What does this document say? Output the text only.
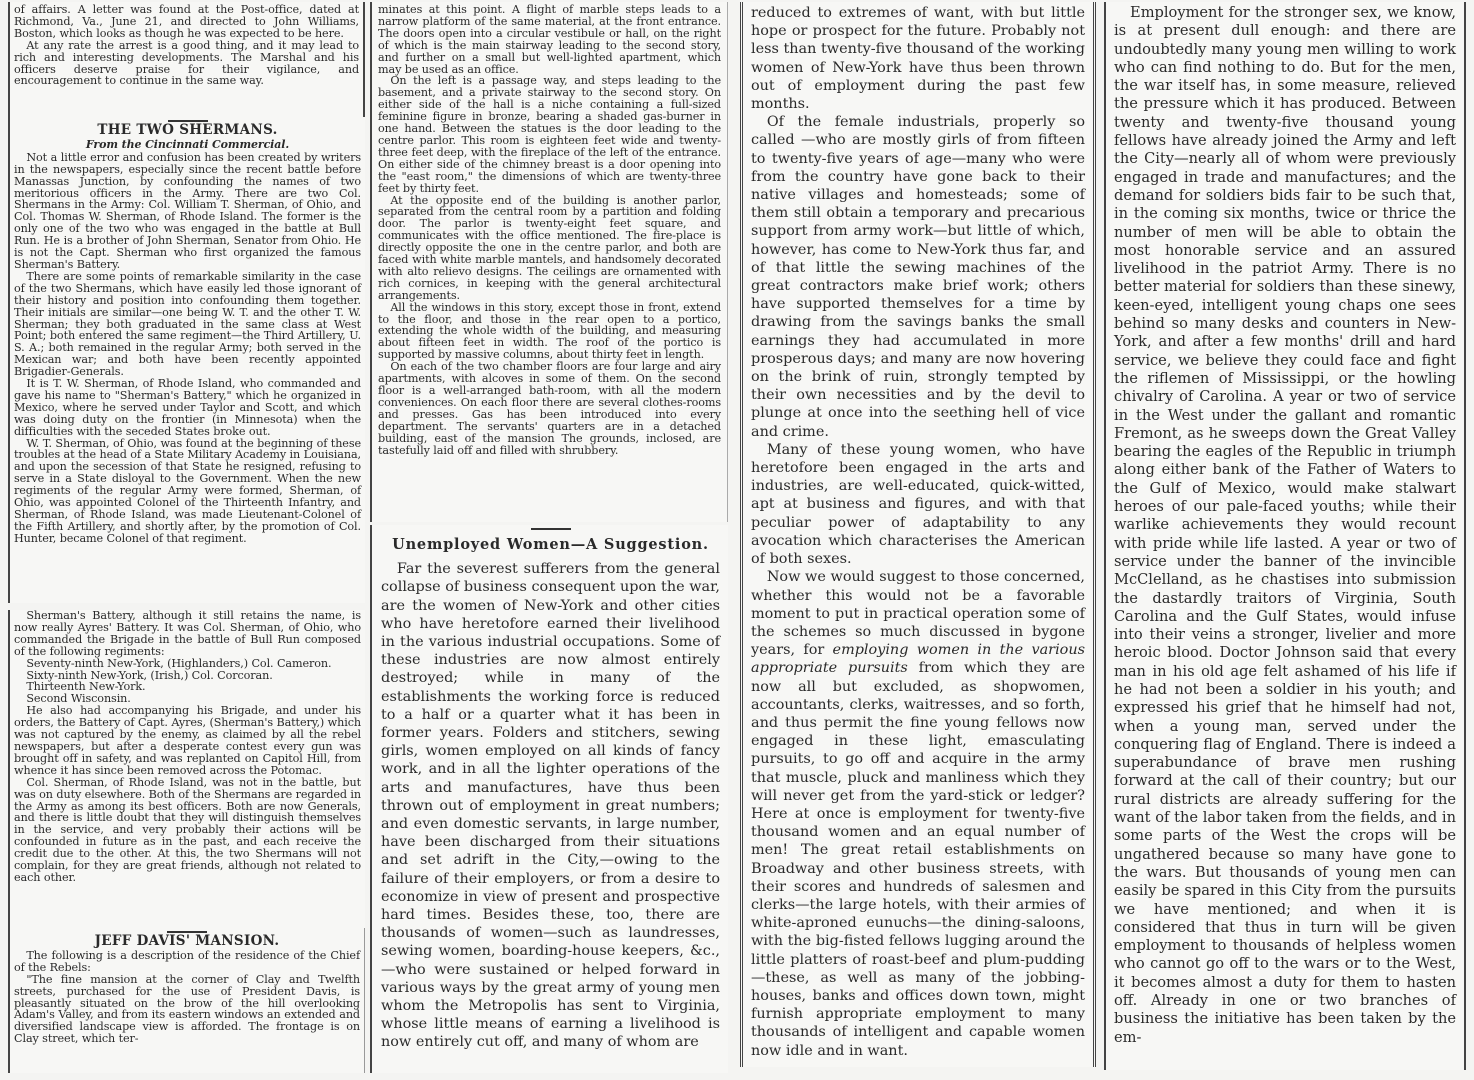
of affairs. A letter was found at the Post-office, dated at Richmond, Va., June 21, and directed to John Williams, Boston, which looks as though he was expected to be here.

At any rate the arrest is a good thing, and it may lead to rich and interesting developments. The Marshal and his officers deserve praise for their vigilance, and encouragement to continue in the same way.

THE TWO SHERMANS.
From the Cincinnati Commercial.

Not a little error and confusion has been created by writers in the newspapers, especially since the recent battle before Manassas Junction, by confounding the names of two meritorious officers in the Army. There are two Col. Shermans in the Army: Col. William T. Sherman, of Ohio, and Col. Thomas W. Sherman, of Rhode Island. The former is the only one of the two who was engaged in the battle at Bull Run. He is a brother of John Sherman, Senator from Ohio. He is not the Capt. Sherman who first organized the famous Sherman's Battery.

There are some points of remarkable similarity in the case of the two Shermans, which have easily led those ignorant of their history and position into confounding them together. Their initials are similar—one being W. T. and the other T. W. Sherman; they both graduated in the same class at West Point; both entered the same regiment—the Third Artillery, U. S. A.; both remained in the regular Army; both served in the Mexican war; and both have been recently appointed Brigadier-Generals.

It is T. W. Sherman, of Rhode Island, who commanded and gave his name to "Sherman's Battery," which he organized in Mexico, where he served under Taylor and Scott, and which was doing duty on the frontier (in Minnesota) when the difficulties with the seceded States broke out.

W. T. Sherman, of Ohio, was found at the beginning of these troubles at the head of a State Military Academy in Louisiana, and upon the secession of that State he resigned, refusing to serve in a State disloyal to the Government. When the new regiments of the regular Army were formed, Sherman, of Ohio, was appointed Colonel of the Thirteenth Infantry, and Sherman, of Rhode Island, was made Lieutenant-Colonel of the Fifth Artillery, and shortly after, by the promotion of Col. Hunter, became Colonel of that regiment.

Sherman's Battery, although it still retains the name, is now really Ayres' Battery. It was Col. Sherman, of Ohio, who commanded the Brigade in the battle of Bull Run composed of the following regiments:

Seventy-ninth New-York, (Highlanders,) Col. Cameron.

Sixty-ninth New-York, (Irish,) Col. Corcoran.

Thirteenth New-York.

Second Wisconsin.

He also had accompanying his Brigade, and under his orders, the Battery of Capt. Ayres, (Sherman's Battery,) which was not captured by the enemy, as claimed by all the rebel newspapers, but after a desperate contest every gun was brought off in safety, and was replanted on Capitol Hill, from whence it has since been removed across the Potomac.

Col. Sherman, of Rhode Island, was not in the battle, but was on duty elsewhere. Both of the Shermans are regarded in the Army as among its best officers. Both are now Generals, and there is little doubt that they will distinguish themselves in the service, and very probably their actions will be confounded in future as in the past, and each receive the credit due to the other. At this, the two Shermans will not complain, for they are great friends, although not related to each other.

JEFF DAVIS' MANSION.

The following is a description of the residence of the Chief of the Rebels:

"The fine mansion at the corner of Clay and Twelfth streets, purchased for the use of President Davis, is pleasantly situated on the brow of the hill overlooking Adam's Valley, and from its eastern windows an extended and diversified landscape view is afforded. The frontage is on Clay street, which ter-

minates at this point. A flight of marble steps leads to a narrow platform of the same material, at the front entrance. The doors open into a circular vestibule or hall, on the right of which is the main stairway leading to the second story, and further on a small but well-lighted apartment, which may be used as an office.

On the left is a passage way, and steps leading to the basement, and a private stairway to the second story. On either side of the hall is a niche containing a full-sized feminine figure in bronze, bearing a shaded gas-burner in one hand. Between the statues is the door leading to the centre parlor. This room is eighteen feet wide and twenty-three feet deep, with the fireplace of the left of the entrance. On either side of the chimney breast is a door opening into the "east room," the dimensions of which are twenty-three feet by thirty feet.

At the opposite end of the building is another parlor, separated from the central room by a partition and folding door. The parlor is twenty-eight feet square, and communicates with the office mentioned. The fire-place is directly opposite the one in the centre parlor, and both are faced with white marble mantels, and handsomely decorated with alto relievo designs. The ceilings are ornamented with rich cornices, in keeping with the general architectural arrangements.

All the windows in this story, except those in front, extend to the floor, and those in the rear open to a portico, extending the whole width of the building, and measuring about fifteen feet in width. The roof of the portico is supported by massive columns, about thirty feet in length.

On each of the two chamber floors are four large and airy apartments, with alcoves in some of them. On the second floor is a well-arranged bath-room, with all the modern conveniences. On each floor there are several clothes-rooms and presses. Gas has been introduced into every department. The servants' quarters are in a detached building, east of the mansion The grounds, inclosed, are tastefully laid off and filled with shrubbery.

Unemployed Women—A Suggestion.

Far the severest sufferers from the general collapse of business consequent upon the war, are the women of New-York and other cities who have heretofore earned their livelihood in the various industrial occupations. Some of these industries are now almost entirely destroyed; while in many of the establishments the working force is reduced to a half or a quarter what it has been in former years. Folders and stitchers, sewing girls, women employed on all kinds of fancy work, and in all the lighter operations of the arts and manufactures, have thus been thrown out of employment in great numbers; and even domestic servants, in large number, have been discharged from their situations and set adrift in the City,—owing to the failure of their employers, or from a desire to economize in view of present and prospective hard times. Besides these, too, there are thousands of women—such as laundresses, sewing women, boarding-house keepers, &c.,—who were sustained or helped forward in various ways by the great army of young men whom the Metropolis has sent to Virginia, whose little means of earning a livelihood is now entirely cut off, and many of whom are

reduced to extremes of want, with but little hope or prospect for the future. Probably not less than twenty-five thousand of the working women of New-York have thus been thrown out of employment during the past few months.

Of the female industrials, properly so called —who are mostly girls of from fifteen to twenty-five years of age—many who were from the country have gone back to their native villages and homesteads; some of them still obtain a temporary and precarious support from army work—but little of which, however, has come to New-York thus far, and of that little the sewing machines of the great contractors make brief work; others have supported themselves for a time by drawing from the savings banks the small earnings they had accumulated in more prosperous days; and many are now hovering on the brink of ruin, strongly tempted by their own necessities and by the devil to plunge at once into the seething hell of vice and crime.

Many of these young women, who have heretofore been engaged in the arts and industries, are well-educated, quick-witted, apt at business and figures, and with that peculiar power of adaptability to any avocation which characterises the American of both sexes.

Now we would suggest to those concerned, whether this would not be a favorable moment to put in practical operation some of the schemes so much discussed in bygone years, for employing women in the various appropriate pursuits from which they are now all but excluded, as shopwomen, accountants, clerks, waitresses, and so forth, and thus permit the fine young fellows now engaged in these light, emasculating pursuits, to go off and acquire in the army that muscle, pluck and manliness which they will never get from the yard-stick or ledger? Here at once is employment for twenty-five thousand women and an equal number of men! The great retail establishments on Broadway and other business streets, with their scores and hundreds of salesmen and clerks—the large hotels, with their armies of white-aproned eunuchs—the dining-saloons, with the big-fisted fellows lugging around the little platters of roast-beef and plum-pudding—these, as well as many of the jobbing-houses, banks and offices down town, might furnish appropriate employment to many thousands of intelligent and capable women now idle and in want.

Employment for the stronger sex, we know, is at present dull enough: and there are undoubtedly many young men willing to work who can find nothing to do. But for the men, the war itself has, in some measure, relieved the pressure which it has produced. Between twenty and twenty-five thousand young fellows have already joined the Army and left the City—nearly all of whom were previously engaged in trade and manufactures; and the demand for soldiers bids fair to be such that, in the coming six months, twice or thrice the number of men will be able to obtain the most honorable service and an assured livelihood in the patriot Army. There is no better material for soldiers than these sinewy, keen-eyed, intelligent young chaps one sees behind so many desks and counters in New-York, and after a few months' drill and hard service, we believe they could face and fight the riflemen of Mississippi, or the howling chivalry of Carolina. A year or two of service in the West under the gallant and romantic Fremont, as he sweeps down the Great Valley bearing the eagles of the Republic in triumph along either bank of the Father of Waters to the Gulf of Mexico, would make stalwart heroes of our pale-faced youths; while their warlike achievements they would recount with pride while life lasted. A year or two of service under the banner of the invincible McClelland, as he chastises into submission the dastardly traitors of Virginia, South Carolina and the Gulf States, would infuse into their veins a stronger, livelier and more heroic blood. Doctor Johnson said that every man in his old age felt ashamed of his life if he had not been a soldier in his youth; and expressed his grief that he himself had not, when a young man, served under the conquering flag of England. There is indeed a superabundance of brave men rushing forward at the call of their country; but our rural districts are already suffering for the want of the labor taken from the fields, and in some parts of the West the crops will be ungathered because so many have gone to the wars. But thousands of young men can easily be spared in this City from the pursuits we have mentioned; and when it is considered that thus in turn will be given employment to thousands of helpless women who cannot go off to the wars or to the West, it becomes almost a duty for them to hasten off. Already in one or two branches of business the initiative has been taken by the em-
